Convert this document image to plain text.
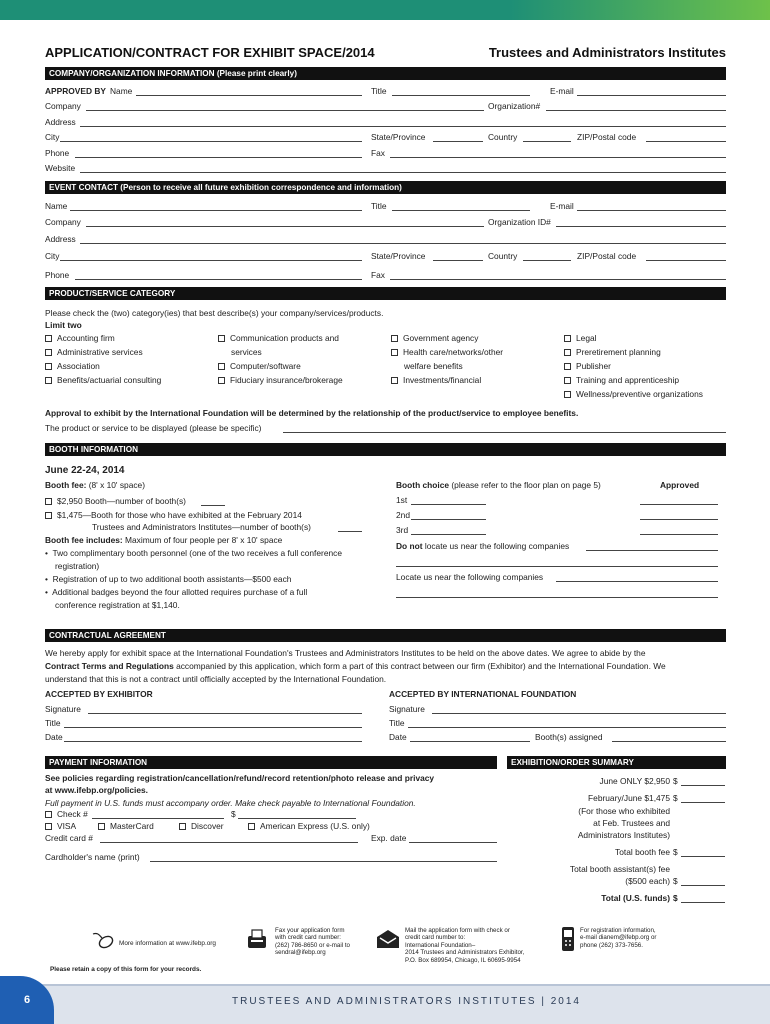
APPLICATION/CONTRACT FOR EXHIBIT SPACE/2014	Trustees and Administrators Institutes
COMPANY/ORGANIZATION INFORMATION (Please print clearly)
APPROVED BY Name	Title	E-mail
Company	Organization#
Address
City	State/Province	Country	ZIP/Postal code
Phone	Fax
Website
EVENT CONTACT (Person to receive all future exhibition correspondence and information)
Name	Title	E-mail
Company	Organization ID#
Address
City	State/Province	Country	ZIP/Postal code
Phone	Fax
PRODUCT/SERVICE CATEGORY
Please check the (two) category(ies) that best describe(s) your company/services/products.
Limit two
Accounting firm
Administrative services
Association
Benefits/actuarial consulting
Communication products and
services
Computer/software
Fiduciary insurance/brokerage
Government agency
Health care/networks/other
welfare benefits
Investments/financial
Legal
Preretirement planning
Publisher
Training and apprenticeship
Wellness/preventive organizations
Approval to exhibit by the International Foundation will be determined by the relationship of the product/service to employee benefits.
The product or service to be displayed (please be specific)
BOOTH INFORMATION
June 22-24, 2014
Booth fee: (8' x 10' space)
$2,950 Booth—number of booth(s)
$1,475—Booth for those who have exhibited at the February 2014
Trustees and Administrators Institutes—number of booth(s)
Booth fee includes: Maximum of four people per 8' x 10' space
•  Two complimentary booth personnel (one of the two receives a full conference
registration)
•  Registration of up to two additional booth assistants—$500 each
•  Additional badges beyond the four allotted requires purchase of a full
conference registration at $1,140.
Booth choice (please refer to the floor plan on page 5)	Approved
1st
2nd
3rd
Do not locate us near the following companies
Locate us near the following companies
CONTRACTUAL AGREEMENT
We hereby apply for exhibit space at the International Foundation's Trustees and Administrators Institutes to be held on the above dates. We agree to abide by the
Contract Terms and Regulations accompanied by this application, which form a part of this contract between our firm (Exhibitor) and the International Foundation. We
understand that this is not a contract until officially accepted by the International Foundation.
ACCEPTED BY EXHIBITOR	ACCEPTED BY INTERNATIONAL FOUNDATION
Signature
Title
Date
Signature
Title
Date	Booth(s) assigned
PAYMENT INFORMATION	EXHIBITION/ORDER SUMMARY
See policies regarding registration/cancellation/refund/record retention/photo release and privacy
at www.ifebp.org/policies.
Full payment in U.S. funds must accompany order. Make check payable to International Foundation.
Check #	$
VISA	MasterCard	Discover	American Express (U.S. only)
Credit card #	Exp. date
Cardholder's name (print)
June ONLY $2,950 $
February/June $1,475 $
(For those who exhibited
at Feb. Trustees and
Administrators Institutes)
Total booth fee $
Total booth assistant(s) fee
($500 each) $
Total (U.S. funds) $
More information at www.ifebp.org
Fax your application form
with credit card number:
(262) 786-8650 or e-mail to
sendral@ifebp.org
Mail the application form with check or
credit card number to:
International Foundation–
2014 Trustees and Administrators Exhibitor,
P.O. Box 689954, Chicago, IL 60695-9954
For registration information,
e-mail dianem@ifebp.org or
phone (262) 373-7656.
Please retain a copy of this form for your records.
6	TRUSTEES AND ADMINISTRATORS INSTITUTES | 2014
